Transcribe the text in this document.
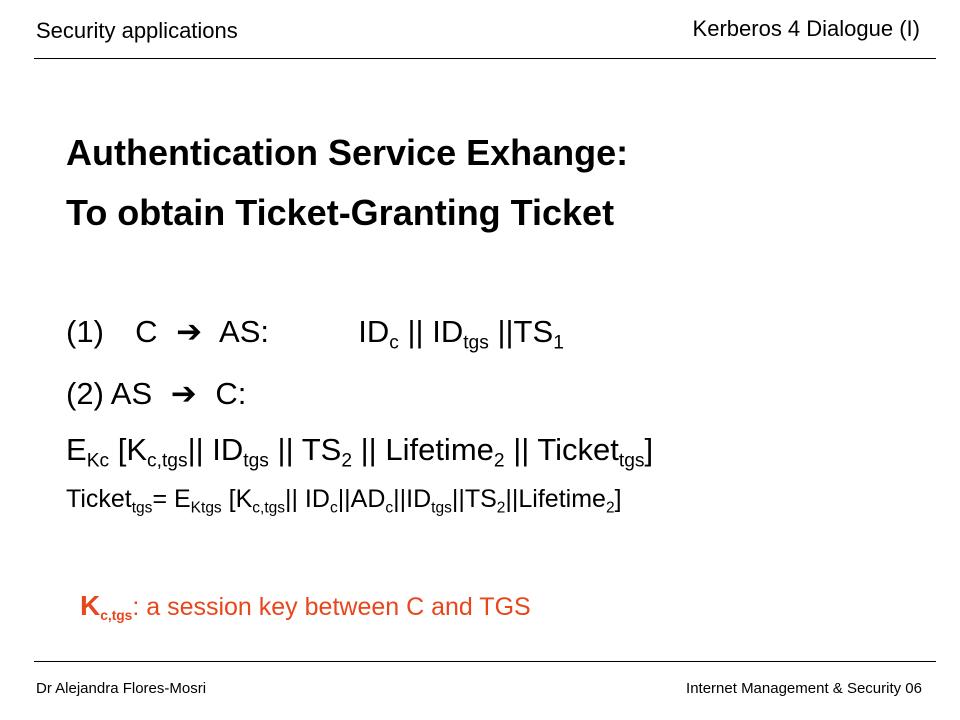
Security applications	Kerberos 4 Dialogue (I)
Authentication Service Exhange:
To obtain Ticket-Granting Ticket
(1) C ➔ AS:	$ID_c$ || $ID_{tgs}$ $||TS_1$
(2) AS ➔ C:
$E_{Kc}$ [$K_{c,tgs}||$ $ID_{tgs}$ || $TS_2$ || Lifetime$_2$ || Ticket$_{tgs}$]
Ticket$_{tgs}$= $E_{Ktgs}$ [$K_{c,tgs}||$ $ID_c||AD_c||ID_{tgs}||TS_2||Lifetime_2$]
$K_{c,tgs}$: a session key between C and TGS
Dr Alejandra Flores-Mosri	Internet Management & Security 06
